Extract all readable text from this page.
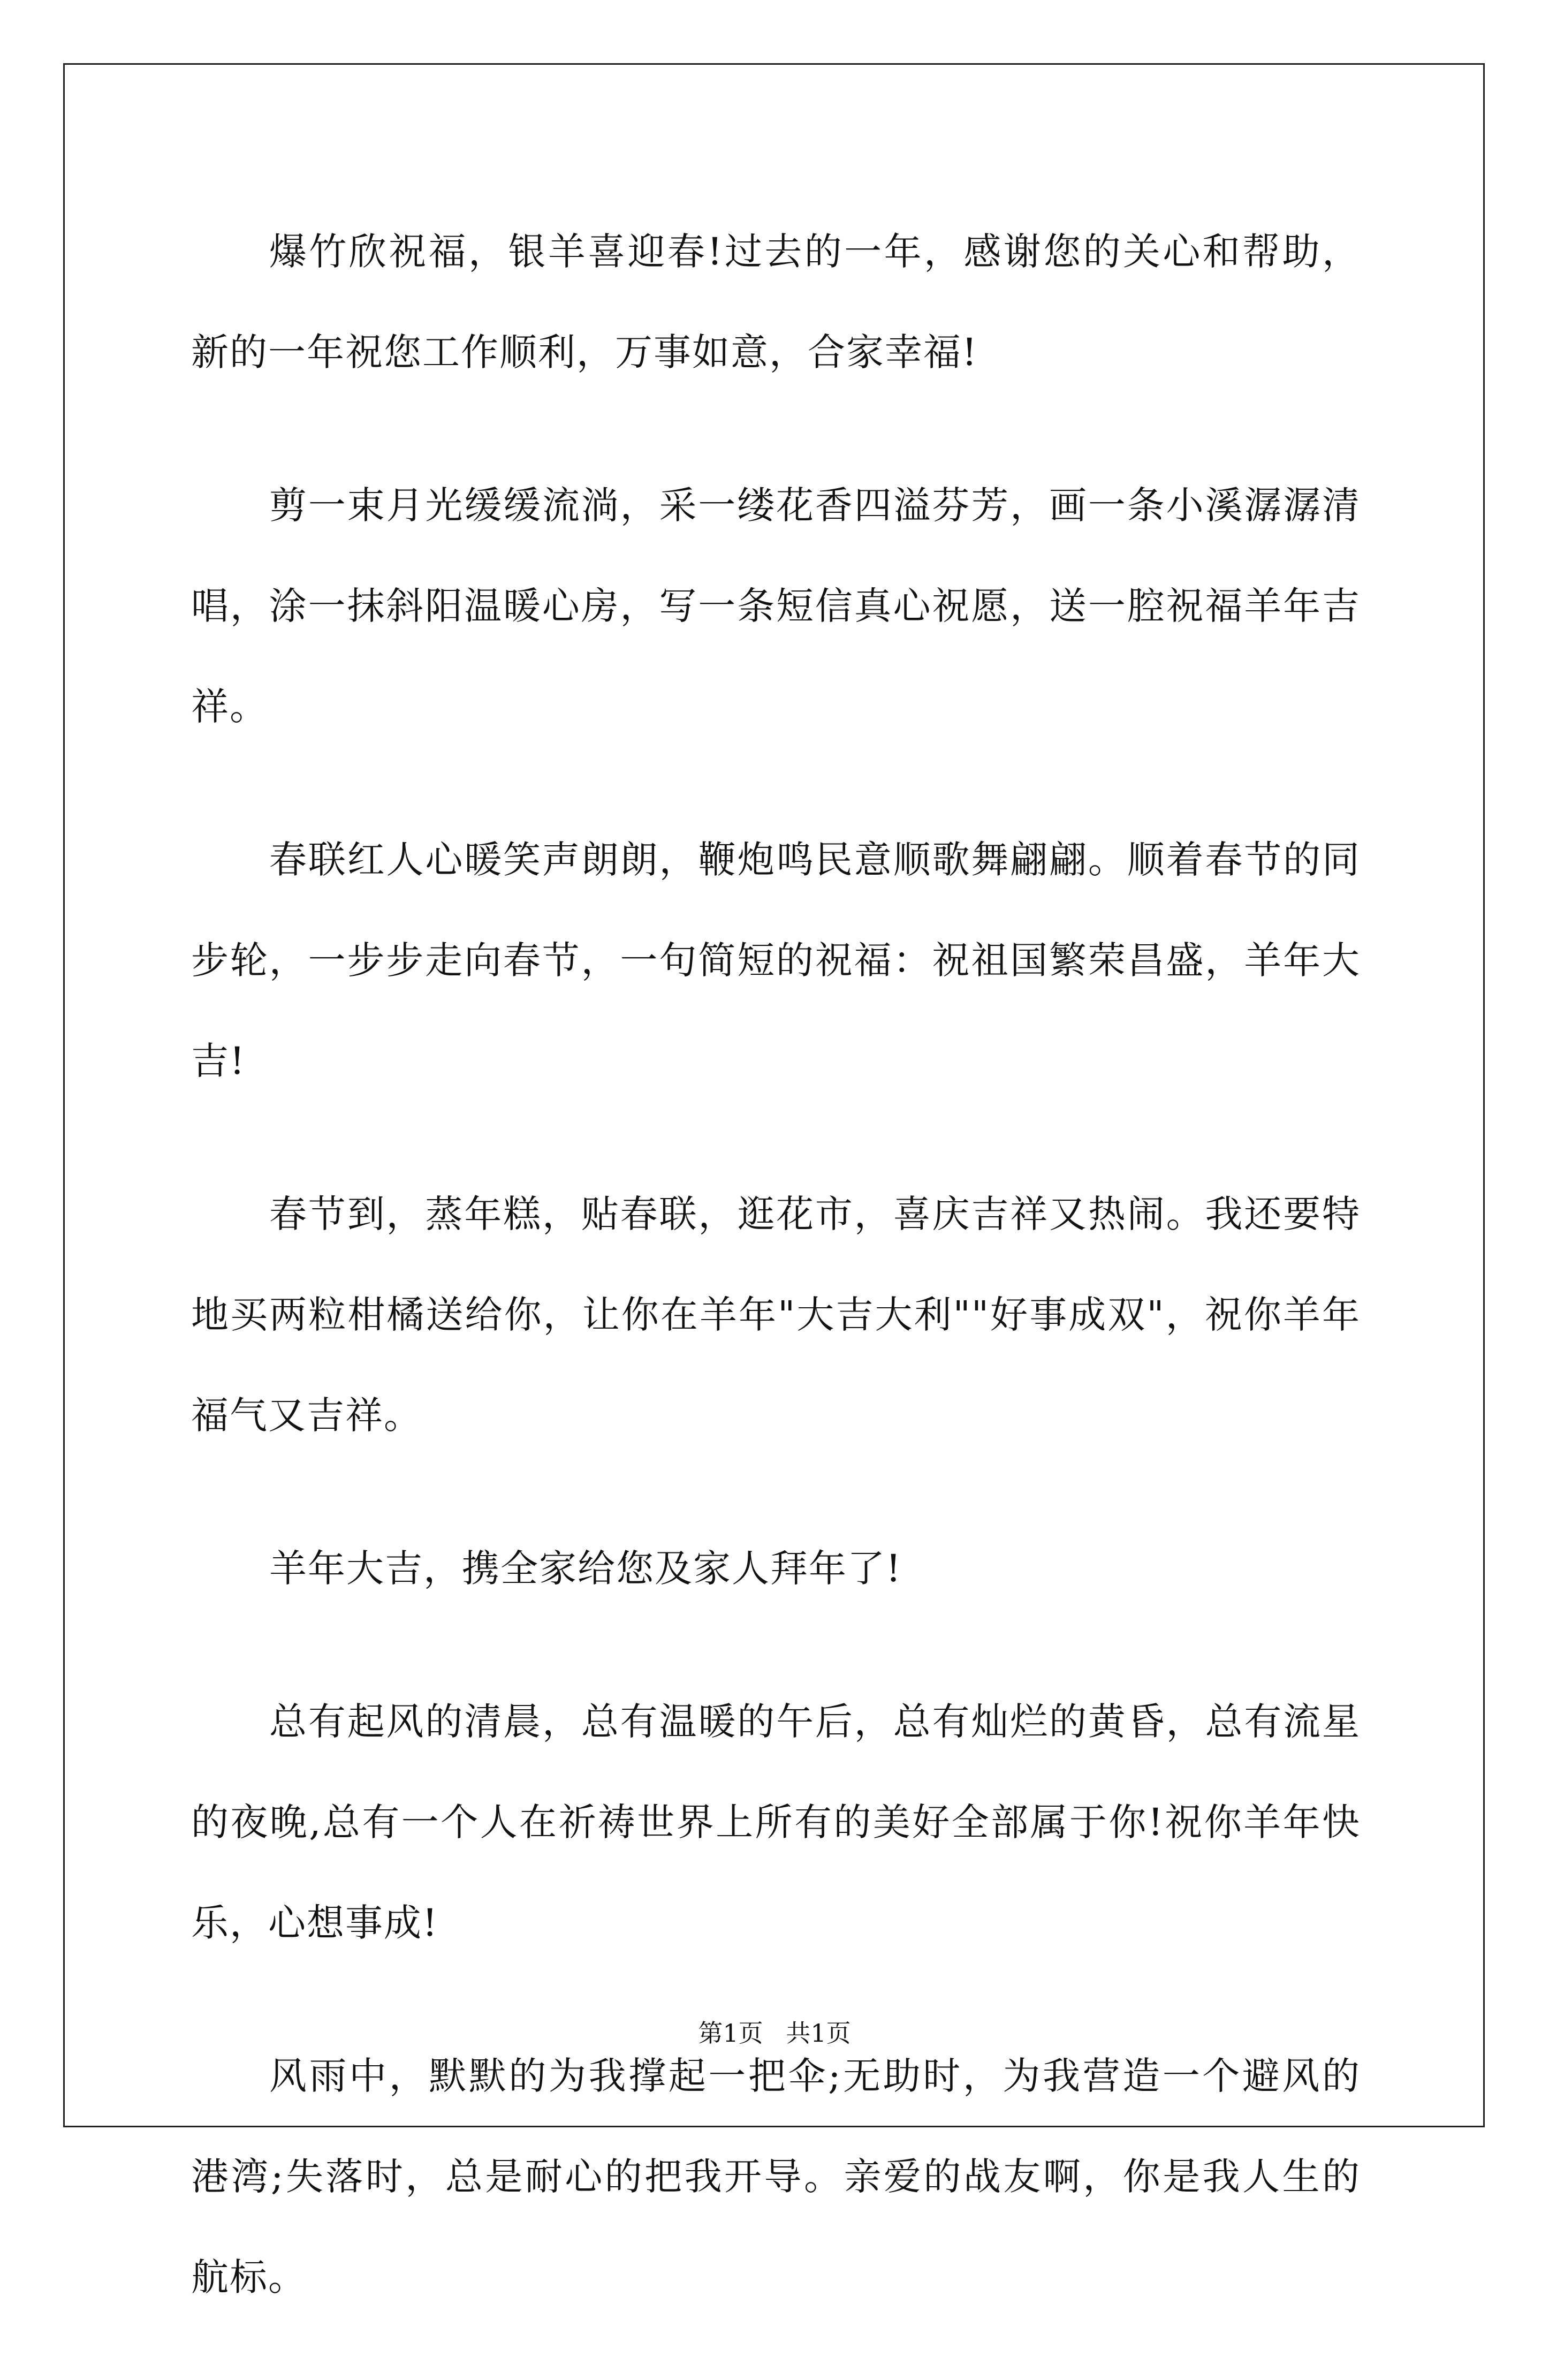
爆竹欣祝福，银羊喜迎春!过去的一年，感谢您的关心和帮助，新的一年祝您工作顺利，万事如意，合家幸福!

剪一束月光缓缓流淌，采一缕花香四溢芬芳，画一条小溪潺潺清唱，涂一抹斜阳温暖心房，写一条短信真心祝愿，送一腔祝福羊年吉祥。

春联红人心暖笑声朗朗，鞭炮鸣民意顺歌舞翩翩。顺着春节的同步轮，一步步走向春节，一句简短的祝福：祝祖国繁荣昌盛，羊年大吉!

春节到，蒸年糕，贴春联，逛花市，喜庆吉祥又热闹。我还要特地买两粒柑橘送给你，让你在羊年"大吉大利""好事成双"，祝你羊年福气又吉祥。

羊年大吉，携全家给您及家人拜年了!

总有起风的清晨，总有温暖的午后，总有灿烂的黄昏，总有流星的夜晚,总有一个人在祈祷世界上所有的美好全部属于你!祝你羊年快乐，心想事成!

风雨中，默默的为我撑起一把伞;无助时，为我营造一个避风的港湾;失落时，总是耐心的把我开导。亲爱的战友啊，你是我人生的航标。

第1页 共1页
